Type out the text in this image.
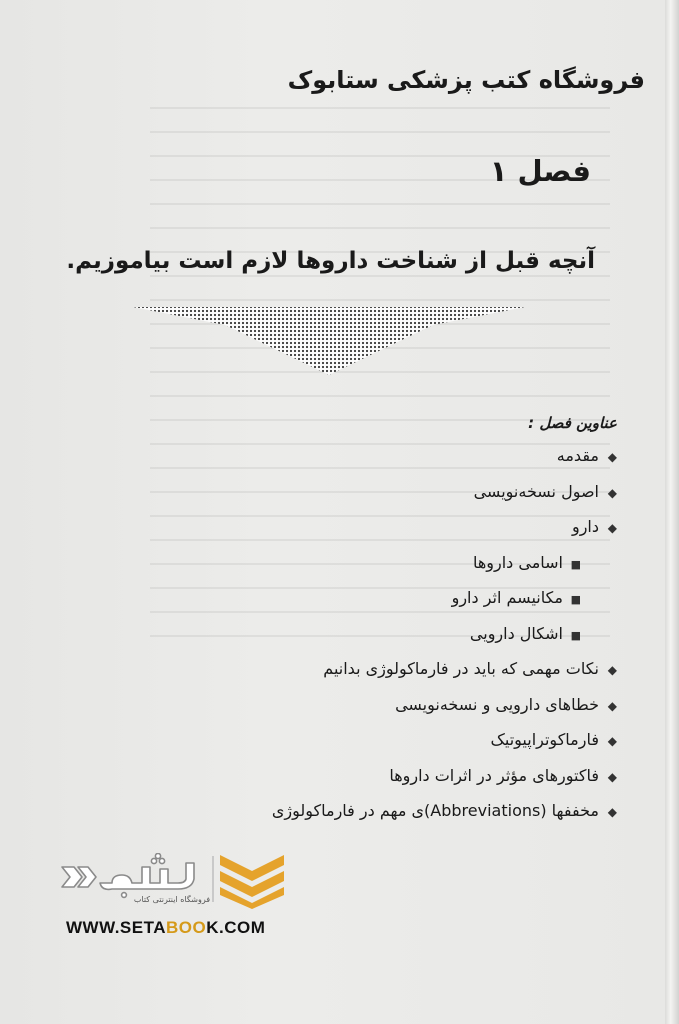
فروشگاه کتب پزشکی ستابوک
فصل ۱
آنچه قبل از شناخت داروها لازم است بیاموزیم.
عناوین فصل :
◆مقدمه
◆اصول نسخه‌نویسی
◆دارو
■اسامی داروها
■مکانیسم اثر دارو
■اشکال دارویی
◆نکات مهمی که باید در فارماکولوژی بدانیم
◆خطاهای دارویی و نسخه‌نویسی
◆فارماکوتراپیوتیک
◆فاکتورهای مؤثر در اثرات داروها
◆مخففها (Abbreviations)ی مهم در فارماکولوژی
فروشگاه اینترنتی کتاب
WWW.SETABOOK.COM
